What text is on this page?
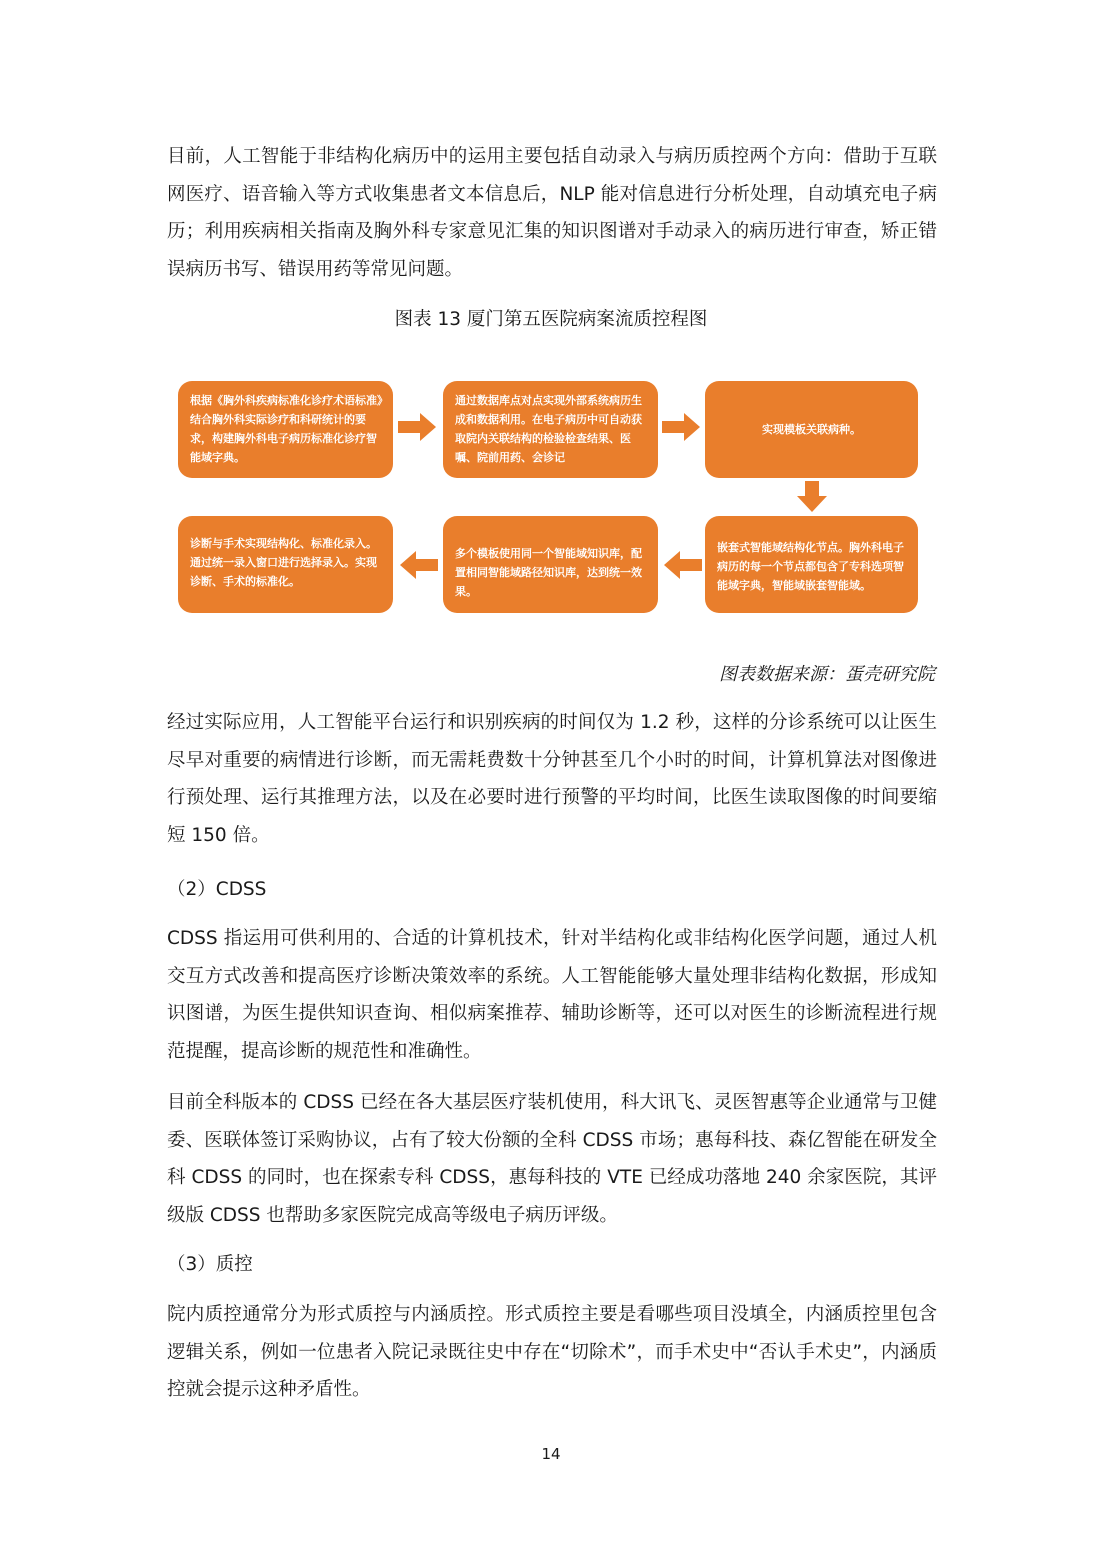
目前，人工智能于非结构化病历中的运用主要包括自动录入与病历质控两个方向：借助于互联网医疗、语音输入等方式收集患者文本信息后，NLP 能对信息进行分析处理，自动填充电子病历；利用疾病相关指南及胸外科专家意见汇集的知识图谱对手动录入的病历进行审查，矫正错误病历书写、错误用药等常见问题。

图表 13 厦门第五医院病案流质控程图

根据《胸外科疾病标准化诊疗术语标准》结合胸外科实际诊疗和科研统计的要求，构建胸外科电子病历标准化诊疗智能域字典。
通过数据库点对点实现外部系统病历生成和数据利用。在电子病历中可自动获取院内关联结构的检验检查结果、医嘱、院前用药、会诊记
实现模板关联病种。
嵌套式智能域结构化节点。胸外科电子病历的每一个节点都包含了专科选项智能域字典，智能域嵌套智能域。
多个模板使用同一个智能域知识库，配置相同智能域路径知识库，达到统一效果。
诊断与手术实现结构化、标准化录入。通过统一录入窗口进行选择录入。实现诊断、手术的标准化。

图表数据来源：蛋壳研究院

经过实际应用，人工智能平台运行和识别疾病的时间仅为 1.2 秒，这样的分诊系统可以让医生尽早对重要的病情进行诊断，而无需耗费数十分钟甚至几个小时的时间，计算机算法对图像进行预处理、运行其推理方法，以及在必要时进行预警的平均时间，比医生读取图像的时间要缩短 150 倍。

（2）CDSS

CDSS 指运用可供利用的、合适的计算机技术，针对半结构化或非结构化医学问题，通过人机交互方式改善和提高医疗诊断决策效率的系统。人工智能能够大量处理非结构化数据，形成知识图谱，为医生提供知识查询、相似病案推荐、辅助诊断等，还可以对医生的诊断流程进行规范提醒，提高诊断的规范性和准确性。

目前全科版本的 CDSS 已经在各大基层医疗装机使用，科大讯飞、灵医智惠等企业通常与卫健委、医联体签订采购协议，占有了较大份额的全科 CDSS 市场；惠每科技、森亿智能在研发全科 CDSS 的同时，也在探索专科 CDSS，惠每科技的 VTE 已经成功落地 240 余家医院，其评级版 CDSS 也帮助多家医院完成高等级电子病历评级。

（3）质控

院内质控通常分为形式质控与内涵质控。形式质控主要是看哪些项目没填全，内涵质控里包含逻辑关系，例如一位患者入院记录既往史中存在“切除术”，而手术史中“否认手术史”，内涵质控就会提示这种矛盾性。

14
